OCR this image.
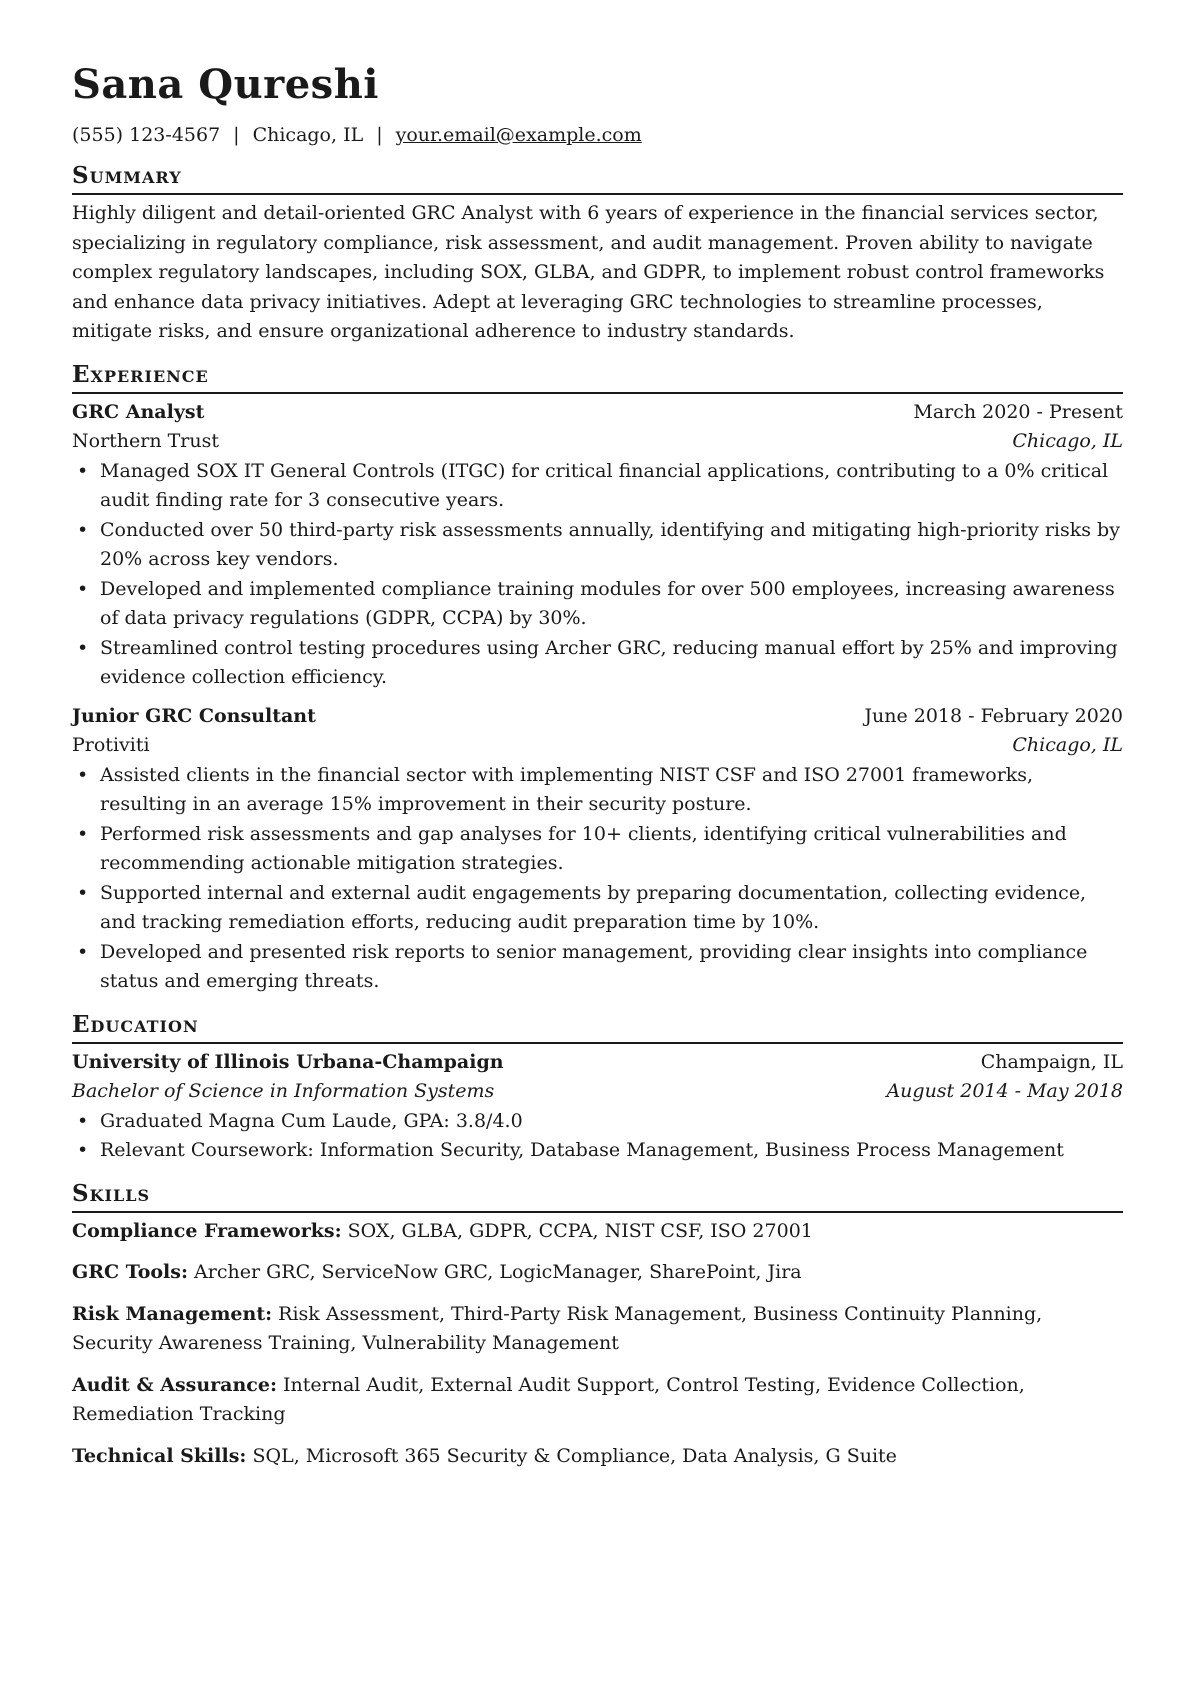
Sana Qureshi
(555) 123-4567 | Chicago, IL | your.email@example.com
Summary

Highly diligent and detail-oriented GRC Analyst with 6 years of experience in the financial services sector, specializing in regulatory compliance, risk assessment, and audit management. Proven ability to navigate complex regulatory landscapes, including SOX, GLBA, and GDPR, to implement robust control frameworks and enhance data privacy initiatives. Adept at leveraging GRC technologies to streamline processes, mitigate risks, and ensure organizational adherence to industry standards.

Experience
GRC Analyst	March 2020 - Present
Northern Trust	Chicago, IL
• Managed SOX IT General Controls (ITGC) for critical financial applications, contributing to a 0% critical audit finding rate for 3 consecutive years.
• Conducted over 50 third-party risk assessments annually, identifying and mitigating high-priority risks by 20% across key vendors.
• Developed and implemented compliance training modules for over 500 employees, increasing awareness of data privacy regulations (GDPR, CCPA) by 30%.
• Streamlined control testing procedures using Archer GRC, reducing manual effort by 25% and improving evidence collection efficiency.
Junior GRC Consultant	June 2018 - February 2020
Protiviti	Chicago, IL
• Assisted clients in the financial sector with implementing NIST CSF and ISO 27001 frameworks, resulting in an average 15% improvement in their security posture.
• Performed risk assessments and gap analyses for 10+ clients, identifying critical vulnerabilities and recommending actionable mitigation strategies.
• Supported internal and external audit engagements by preparing documentation, collecting evidence, and tracking remediation efforts, reducing audit preparation time by 10%.
• Developed and presented risk reports to senior management, providing clear insights into compliance status and emerging threats.
Education
University of Illinois Urbana-Champaign	Champaign, IL
Bachelor of Science in Information Systems	August 2014 - May 2018
• Graduated Magna Cum Laude, GPA: 3.8/4.0
• Relevant Coursework: Information Security, Database Management, Business Process Management
Skills
Compliance Frameworks: SOX, GLBA, GDPR, CCPA, NIST CSF, ISO 27001
GRC Tools: Archer GRC, ServiceNow GRC, LogicManager, SharePoint, Jira
Risk Management: Risk Assessment, Third-Party Risk Management, Business Continuity Planning, Security Awareness Training, Vulnerability Management
Audit & Assurance: Internal Audit, External Audit Support, Control Testing, Evidence Collection, Remediation Tracking
Technical Skills: SQL, Microsoft 365 Security & Compliance, Data Analysis, G Suite
